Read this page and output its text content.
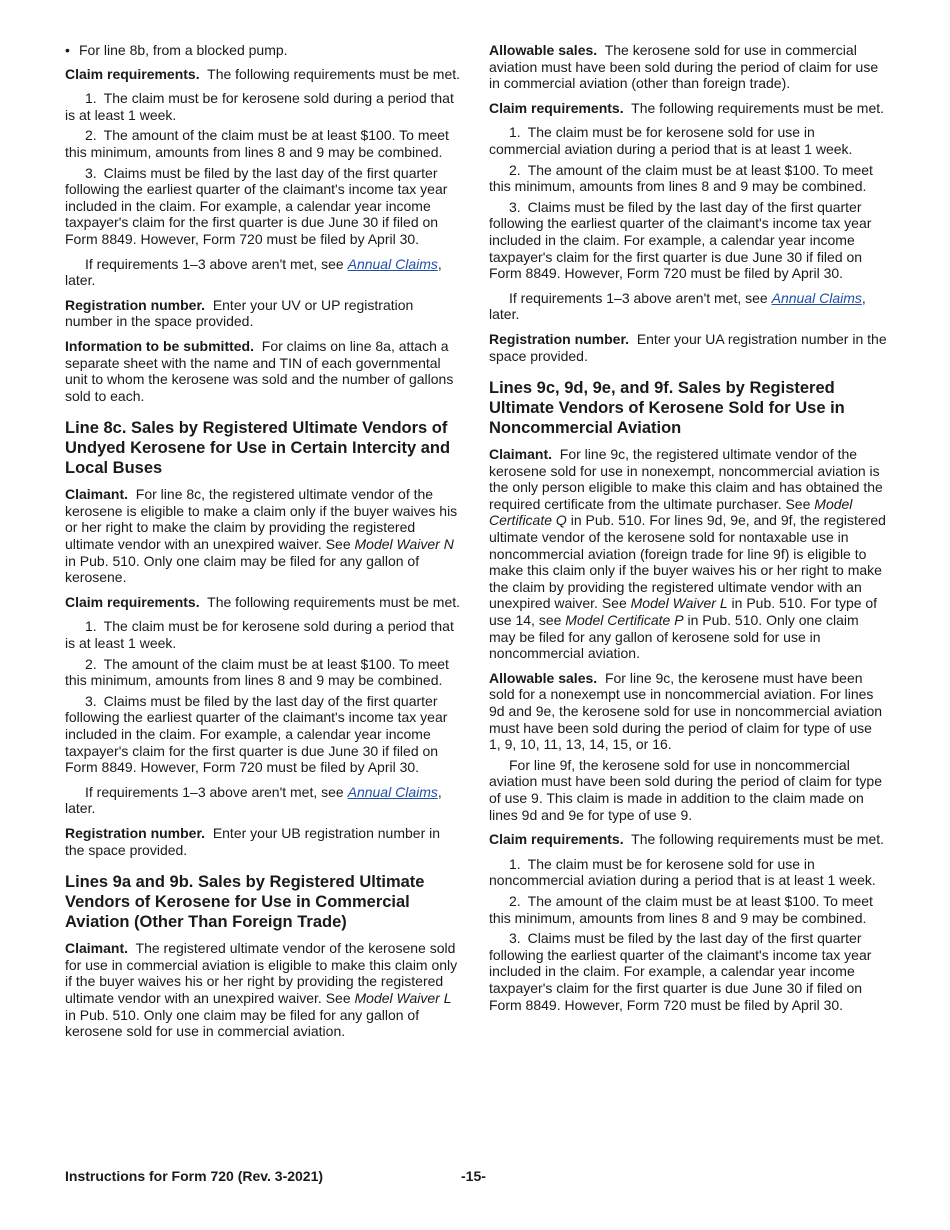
• For line 8b, from a blocked pump.

Claim requirements. The following requirements must be met.

1. The claim must be for kerosene sold during a period that is at least 1 week.

2. The amount of the claim must be at least $100. To meet this minimum, amounts from lines 8 and 9 may be combined.

3. Claims must be filed by the last day of the first quarter following the earliest quarter of the claimant's income tax year included in the claim. For example, a calendar year income taxpayer's claim for the first quarter is due June 30 if filed on Form 8849. However, Form 720 must be filed by April 30.

If requirements 1–3 above aren't met, see Annual Claims, later.

Registration number. Enter your UV or UP registration number in the space provided.

Information to be submitted. For claims on line 8a, attach a separate sheet with the name and TIN of each governmental unit to whom the kerosene was sold and the number of gallons sold to each.

Line 8c. Sales by Registered Ultimate Vendors of Undyed Kerosene for Use in Certain Intercity and Local Buses

Claimant. For line 8c, the registered ultimate vendor of the kerosene is eligible to make a claim only if the buyer waives his or her right to make the claim by providing the registered ultimate vendor with an unexpired waiver. See Model Waiver N in Pub. 510. Only one claim may be filed for any gallon of kerosene.

Claim requirements. The following requirements must be met.

1. The claim must be for kerosene sold during a period that is at least 1 week.

2. The amount of the claim must be at least $100. To meet this minimum, amounts from lines 8 and 9 may be combined.

3. Claims must be filed by the last day of the first quarter following the earliest quarter of the claimant's income tax year included in the claim. For example, a calendar year income taxpayer's claim for the first quarter is due June 30 if filed on Form 8849. However, Form 720 must be filed by April 30.

If requirements 1–3 above aren't met, see Annual Claims, later.

Registration number. Enter your UB registration number in the space provided.

Lines 9a and 9b. Sales by Registered Ultimate Vendors of Kerosene for Use in Commercial Aviation (Other Than Foreign Trade)

Claimant. The registered ultimate vendor of the kerosene sold for use in commercial aviation is eligible to make this claim only if the buyer waives his or her right by providing the registered ultimate vendor with an unexpired waiver. See Model Waiver L in Pub. 510. Only one claim may be filed for any gallon of kerosene sold for use in commercial aviation.

Allowable sales. The kerosene sold for use in commercial aviation must have been sold during the period of claim for use in commercial aviation (other than foreign trade).

Claim requirements. The following requirements must be met.

1. The claim must be for kerosene sold for use in commercial aviation during a period that is at least 1 week.

2. The amount of the claim must be at least $100. To meet this minimum, amounts from lines 8 and 9 may be combined.

3. Claims must be filed by the last day of the first quarter following the earliest quarter of the claimant's income tax year included in the claim. For example, a calendar year income taxpayer's claim for the first quarter is due June 30 if filed on Form 8849. However, Form 720 must be filed by April 30.

If requirements 1–3 above aren't met, see Annual Claims, later.

Registration number. Enter your UA registration number in the space provided.

Lines 9c, 9d, 9e, and 9f. Sales by Registered Ultimate Vendors of Kerosene Sold for Use in Noncommercial Aviation

Claimant. For line 9c, the registered ultimate vendor of the kerosene sold for use in nonexempt, noncommercial aviation is the only person eligible to make this claim and has obtained the required certificate from the ultimate purchaser. See Model Certificate Q in Pub. 510. For lines 9d, 9e, and 9f, the registered ultimate vendor of the kerosene sold for nontaxable use in noncommercial aviation (foreign trade for line 9f) is eligible to make this claim only if the buyer waives his or her right to make the claim by providing the registered ultimate vendor with an unexpired waiver. See Model Waiver L in Pub. 510. For type of use 14, see Model Certificate P in Pub. 510. Only one claim may be filed for any gallon of kerosene sold for use in noncommercial aviation.

Allowable sales. For line 9c, the kerosene must have been sold for a nonexempt use in noncommercial aviation. For lines 9d and 9e, the kerosene sold for use in noncommercial aviation must have been sold during the period of claim for type of use 1, 9, 10, 11, 13, 14, 15, or 16.

For line 9f, the kerosene sold for use in noncommercial aviation must have been sold during the period of claim for type of use 9. This claim is made in addition to the claim made on lines 9d and 9e for type of use 9.

Claim requirements. The following requirements must be met.

1. The claim must be for kerosene sold for use in noncommercial aviation during a period that is at least 1 week.

2. The amount of the claim must be at least $100. To meet this minimum, amounts from lines 8 and 9 may be combined.

3. Claims must be filed by the last day of the first quarter following the earliest quarter of the claimant's income tax year included in the claim. For example, a calendar year income taxpayer's claim for the first quarter is due June 30 if filed on Form 8849. However, Form 720 must be filed by April 30.

Instructions for Form 720 (Rev. 3-2021)	-15-
